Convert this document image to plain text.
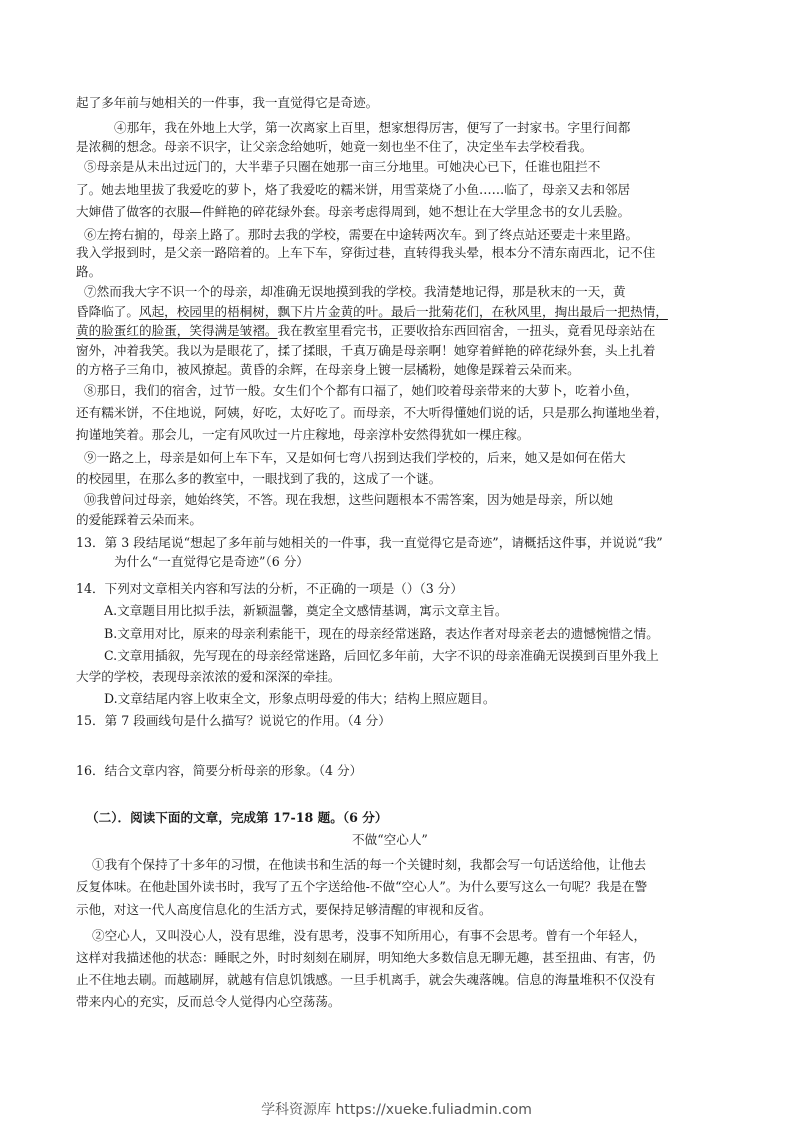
起了多年前与她相关的一件事，我一直觉得它是奇迹。
④那年，我在外地上大学，第一次离家上百里，想家想得厉害，便写了一封家书。字里行间都
是浓稠的想念。母亲不识字，让父亲念给她听，她竟一刻也坐不住了，决定坐车去学校看我。
⑤母亲是从未出过远门的，大半辈子只圈在她那一亩三分地里。可她决心已下，任谁也阻拦不
了。她去地里拔了我爱吃的萝卜，烙了我爱吃的糯米饼，用雪菜烧了小鱼……临了，母亲又去和邻居
大婶借了做客的衣服—件鲜艳的碎花绿外套。母亲考虑得周到，她不想让在大学里念书的女儿丢脸。
⑥左挎右掮的，母亲上路了。那时去我的学校，需要在中途转两次车。到了终点站还要走十来里路。
我入学报到时，是父亲一路陪着的。上车下车，穿街过巷，直转得我头晕，根本分不清东南西北，记不住
路。
⑦然而我大字不识一个的母亲，却准确无误地摸到我的学校。我清楚地记得，那是秋末的一天，黄
昏降临了。风起，校园里的梧桐树，飘下片片金黄的叶。最后一批菊花们，在秋风里，掏出最后一把热情，
黄的脸蛋红的脸蛋，笑得满是皱褶。我在教室里看完书，正要收拾东西回宿舍，一扭头，竟看见母亲站在
窗外，冲着我笑。我以为是眼花了，揉了揉眼，千真万确是母亲啊！她穿着鲜艳的碎花绿外套，头上扎着
的方格子三角巾，被风撩起。黄昏的余辉，在母亲身上镀一层橘粉，她像是踩着云朵而来。
⑧那日，我们的宿舍，过节一般。女生们个个都有口福了，她们咬着母亲带来的大萝卜，吃着小鱼，
还有糯米饼，不住地说，阿姨，好吃，太好吃了。而母亲，不大听得懂她们说的话，只是那么拘谨地坐着，
拘谨地笑着。那会儿，一定有风吹过一片庄稼地，母亲淳朴安然得犹如一棵庄稼。
⑨一路之上，母亲是如何上车下车，又是如何七弯八拐到达我们学校的，后来，她又是如何在偌大
的校园里，在那么多的教室中，一眼找到了我的，这成了一个谜。
⑩我曾问过母亲，她始终笑，不答。现在我想，这些问题根本不需答案，因为她是母亲，所以她
的爱能踩着云朵而来。
13．第 3 段结尾说“想起了多年前与她相关的一件事，我一直觉得它是奇迹”，请概括这件事，并说说“我”
为什么“一直觉得它是奇迹”（6 分）
14．下列对文章相关内容和写法的分析，不正确的一项是（）（3 分）
A.文章题目用比拟手法，新颖温馨，奠定全文感情基调，寓示文章主旨。
B.文章用对比，原来的母亲利索能干，现在的母亲经常迷路，表达作者对母亲老去的遗憾惋惜之情。
C.文章用插叙，先写现在的母亲经常迷路，后回忆多年前，大字不识的母亲准确无误摸到百里外我上
大学的学校，表现母亲浓浓的爱和深深的牵挂。
D.文章结尾内容上收束全文，形象点明母爱的伟大；结构上照应题目。
15．第 7 段画线句是什么描写？说说它的作用。（4 分）
16．结合文章内容，简要分析母亲的形象。（4 分）
（二）．阅读下面的文章，完成第 17-18 题。（6 分）
不做“空心人”
①我有个保持了十多年的习惯，在他读书和生活的每一个关键时刻，我都会写一句话送给他，让他去
反复体味。在他赴国外读书时，我写了五个字送给他-不做“空心人”。为什么要写这么一句呢？我是在警
示他，对这一代人高度信息化的生活方式，要保持足够清醒的审视和反省。
②空心人，又叫没心人，没有思维，没有思考，没事不知所用心，有事不会思考。曾有一个年轻人，
这样对我描述他的状态：睡眠之外，时时刻刻在刷屏，明知绝大多数信息无聊无趣，甚至扭曲、有害，仍
止不住地去刷。而越刷屏，就越有信息饥饿感。一旦手机离手，就会失魂落魄。信息的海量堆积不仅没有
带来内心的充实，反而总令人觉得内心空荡荡。
学科资源库 https://xueke.fuliadmin.com
